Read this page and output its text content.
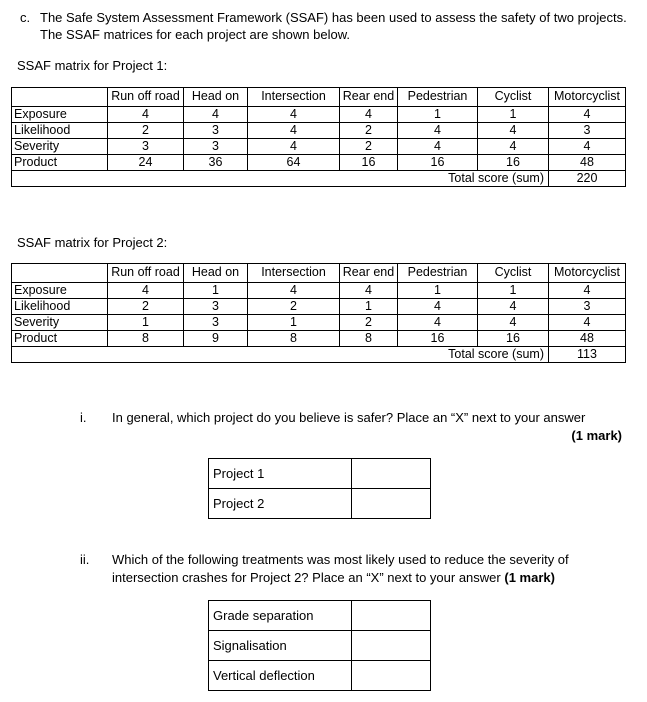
c. The Safe System Assessment Framework (SSAF) has been used to assess the safety of two projects. The SSAF matrices for each project are shown below.
SSAF matrix for Project 1:
	Run off road	Head on	Intersection	Rear end	Pedestrian	Cyclist	Motorcyclist
Exposure	4	4	4	4	1	1	4
Likelihood	2	3	4	2	4	4	3
Severity	3	3	4	2	4	4	4
Product	24	36	64	16	16	16	48
Total score (sum)							220
SSAF matrix for Project 2:
	Run off road	Head on	Intersection	Rear end	Pedestrian	Cyclist	Motorcyclist
Exposure	4	1	4	4	1	1	4
Likelihood	2	3	2	1	4	4	3
Severity	1	3	1	2	4	4	4
Product	8	9	8	8	16	16	48
Total score (sum)							113
i. In general, which project do you believe is safer? Place an “X” next to your answer
(1 mark)
Project 1	
Project 2	
ii. Which of the following treatments was most likely used to reduce the severity of intersection crashes for Project 2? Place an “X” next to your answer (1 mark)
Grade separation	
Signalisation	
Vertical deflection	
